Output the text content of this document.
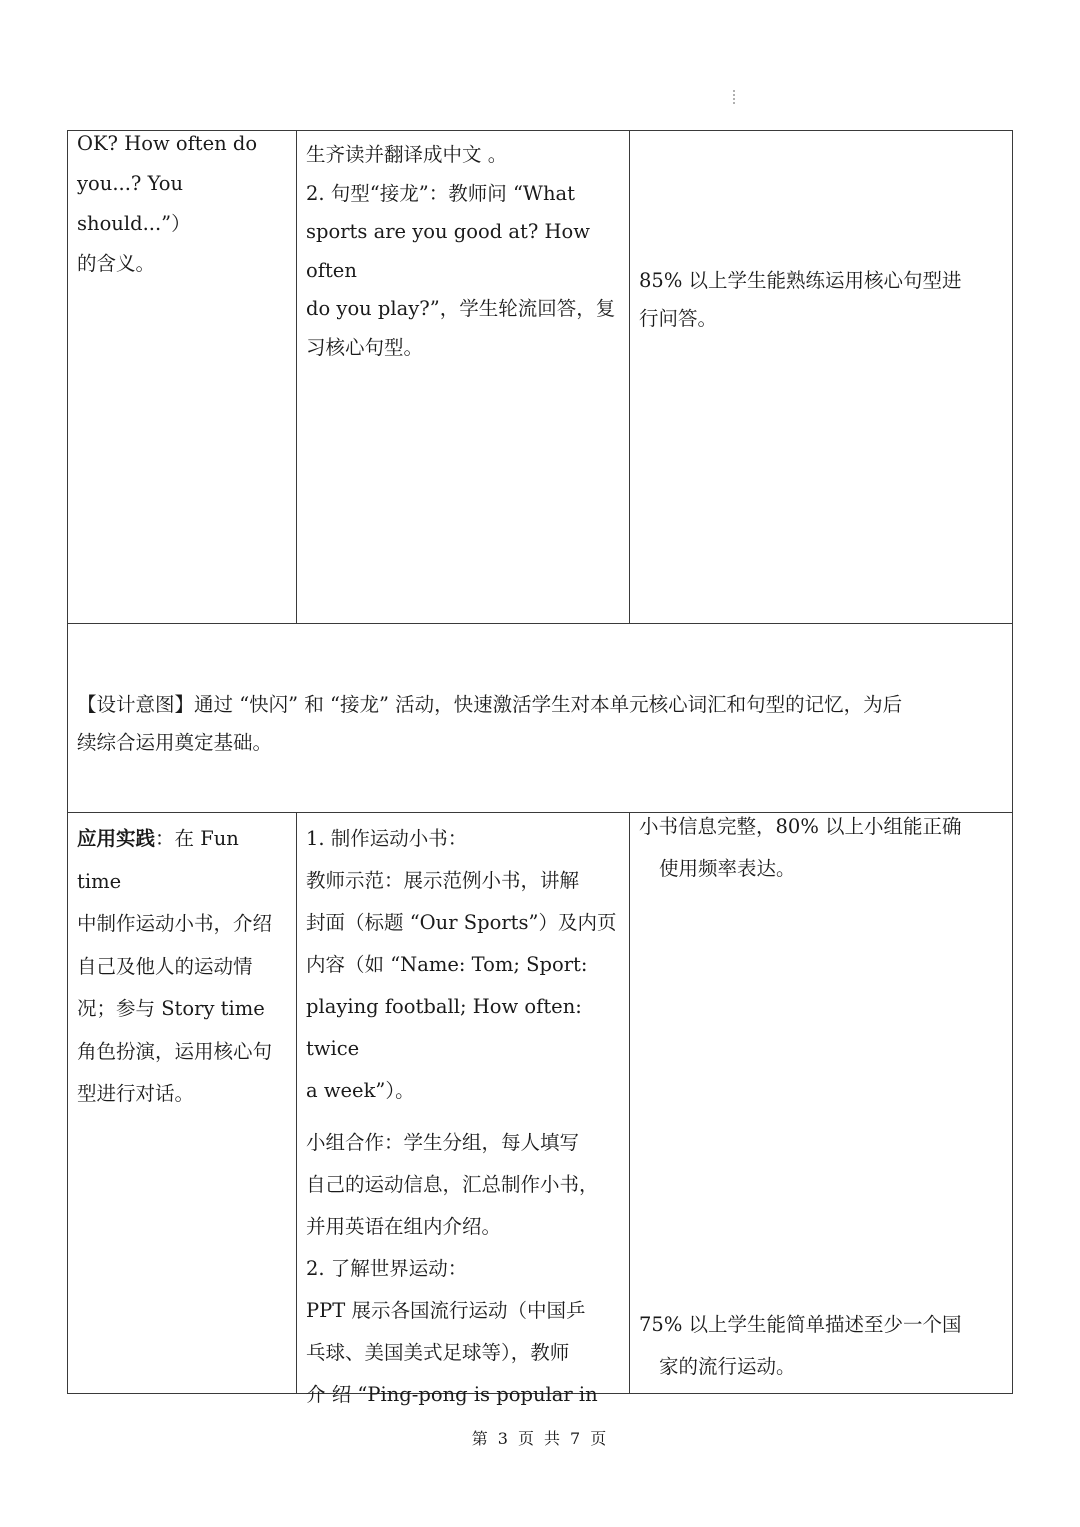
OK? How often do

you...? You should...”）

的含义。

生齐读并翻译成中文 。

2. 句型“接龙”：教师问 “What

sports are you good at? How often

do you play?”，学生轮流回答，复

习核心句型。

85% 以上学生能熟练运用核心句型进

行问答。

【设计意图】通过 “快闪” 和 “接龙” 活动，快速激活学生对本单元核心词汇和句型的记忆，为后

续综合运用奠定基础。

应用实践：在 Fun time

中制作运动小书，介绍

自己及他人的运动情

况；参与 Story time

角色扮演，运用核心句

型进行对话。

1. 制作运动小书：

教师示范：展示范例小书，讲解

封面（标题 “Our Sports”）及内页

内容（如 “Name: Tom; Sport:

playing football; How often: twice

a week”）。

小组合作：学生分组，每人填写

自己的运动信息，汇总制作小书，

并用英语在组内介绍。

2. 了解世界运动：

PPT 展示各国流行运动（中国乒

乓球、美国美式足球等），教师

介 绍 “Ping-pong is popular in

小书信息完整，80% 以上小组能正确

使用频率表达。

75% 以上学生能简单描述至少一个国

家的流行运动。

第 3 页 共 7 页
